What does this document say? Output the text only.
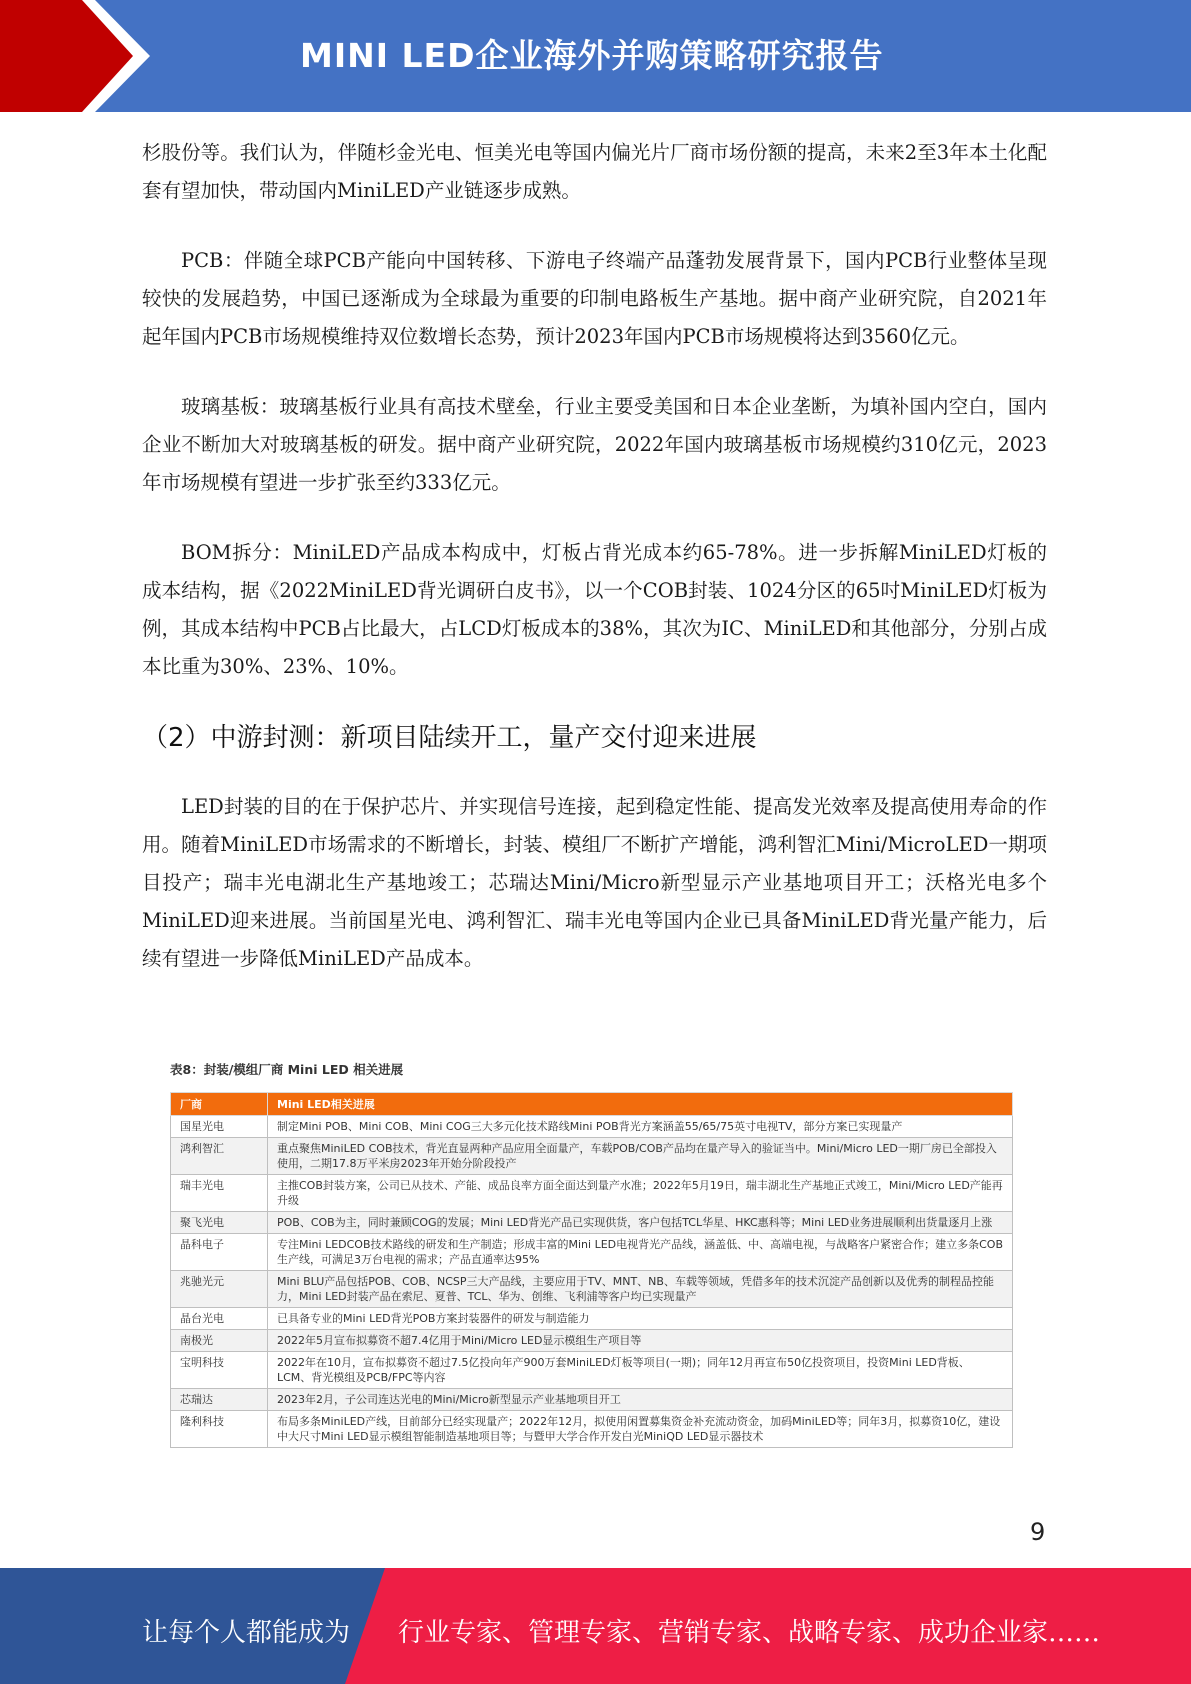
MINI LED企业海外并购策略研究报告

杉股份等。我们认为，伴随杉金光电、恒美光电等国内偏光片厂商市场份额的提高，未来2至3年本土化配套有望加快，带动国内MiniLED产业链逐步成熟。

PCB：伴随全球PCB产能向中国转移、下游电子终端产品蓬勃发展背景下，国内PCB行业整体呈现较快的发展趋势，中国已逐渐成为全球最为重要的印制电路板生产基地。据中商产业研究院，自2021年起年国内PCB市场规模维持双位数增长态势，预计2023年国内PCB市场规模将达到3560亿元。

玻璃基板：玻璃基板行业具有高技术壁垒，行业主要受美国和日本企业垄断，为填补国内空白，国内企业不断加大对玻璃基板的研发。据中商产业研究院，2022年国内玻璃基板市场规模约310亿元，2023年市场规模有望进一步扩张至约333亿元。

BOM拆分：MiniLED产品成本构成中，灯板占背光成本约65-78%。进一步拆解MiniLED灯板的成本结构，据《2022MiniLED背光调研白皮书》，以一个COB封装、1024分区的65吋MiniLED灯板为例，其成本结构中PCB占比最大，占LCD灯板成本的38%，其次为IC、MiniLED和其他部分，分别占成本比重为30%、23%、10%。

（2）中游封测：新项目陆续开工，量产交付迎来进展

LED封装的目的在于保护芯片、并实现信号连接，起到稳定性能、提高发光效率及提高使用寿命的作用。随着MiniLED市场需求的不断增长，封装、模组厂不断扩产增能，鸿利智汇Mini/MicroLED一期项目投产；瑞丰光电湖北生产基地竣工；芯瑞达Mini/Micro新型显示产业基地项目开工；沃格光电多个MiniLED迎来进展。当前国星光电、鸿利智汇、瑞丰光电等国内企业已具备MiniLED背光量产能力，后续有望进一步降低MiniLED产品成本。

表8：封装/模组厂商 Mini LED 相关进展
厂商	Mini LED相关进展
国星光电	制定Mini POB、Mini COB、Mini COG三大多元化技术路线Mini POB背光方案涵盖55/65/75英寸电视TV，部分方案已实现量产
鸿利智汇	重点聚焦MiniLED COB技术，背光直显两种产品应用全面量产，车载POB/COB产品均在量产导入的验证当中。Mini/Micro LED一期厂房已全部投入使用，二期17.8万平米房2023年开始分阶段投产
瑞丰光电	主推COB封装方案，公司已从技术、产能、成品良率方面全面达到量产水准；2022年5月19日，瑞丰湖北生产基地正式竣工，Mini/Micro LED产能再升级
聚飞光电	POB、COB为主，同时兼顾COG的发展；Mini LED背光产品已实现供货，客户包括TCL华星、HKC惠科等；Mini LED业务进展顺利出货量逐月上涨
晶科电子	专注Mini LEDCOB技术路线的研发和生产制造；形成丰富的Mini LED电视背光产品线，涵盖低、中、高端电视，与战略客户紧密合作；建立多条COB生产线，可满足3万台电视的需求；产品直通率达95%
兆驰光元	Mini BLU产品包括POB、COB、NCSP三大产品线，主要应用于TV、MNT、NB、车载等领域，凭借多年的技术沉淀产品创新以及优秀的制程品控能力，Mini LED封装产品在索尼、夏普、TCL、华为、创维、飞利浦等客户均已实现量产
晶台光电	已具备专业的Mini LED背光POB方案封装器件的研发与制造能力
南极光	2022年5月宣布拟募资不超7.4亿用于Mini/Micro LED显示模组生产项目等
宝明科技	2022年在10月，宣布拟募资不超过7.5亿投向年产900万套MiniLED灯板等项目(一期)；同年12月再宣布50亿投资项目，投资Mini LED背板、LCM、背光模组及PCB/FPC等内容
芯瑞达	2023年2月，子公司连达光电的Mini/Micro新型显示产业基地项目开工
隆利科技	布局多条MiniLED产线，目前部分已经实现量产；2022年12月，拟使用闲置募集资金补充流动资金，加码MiniLED等；同年3月，拟募资10亿，建设中大尺寸Mini LED显示模组智能制造基地项目等；与暨甲大学合作开发白光MiniQD LED显示器技术
9
让每个人都能成为 行业专家、管理专家、营销专家、战略专家、成功企业家……
